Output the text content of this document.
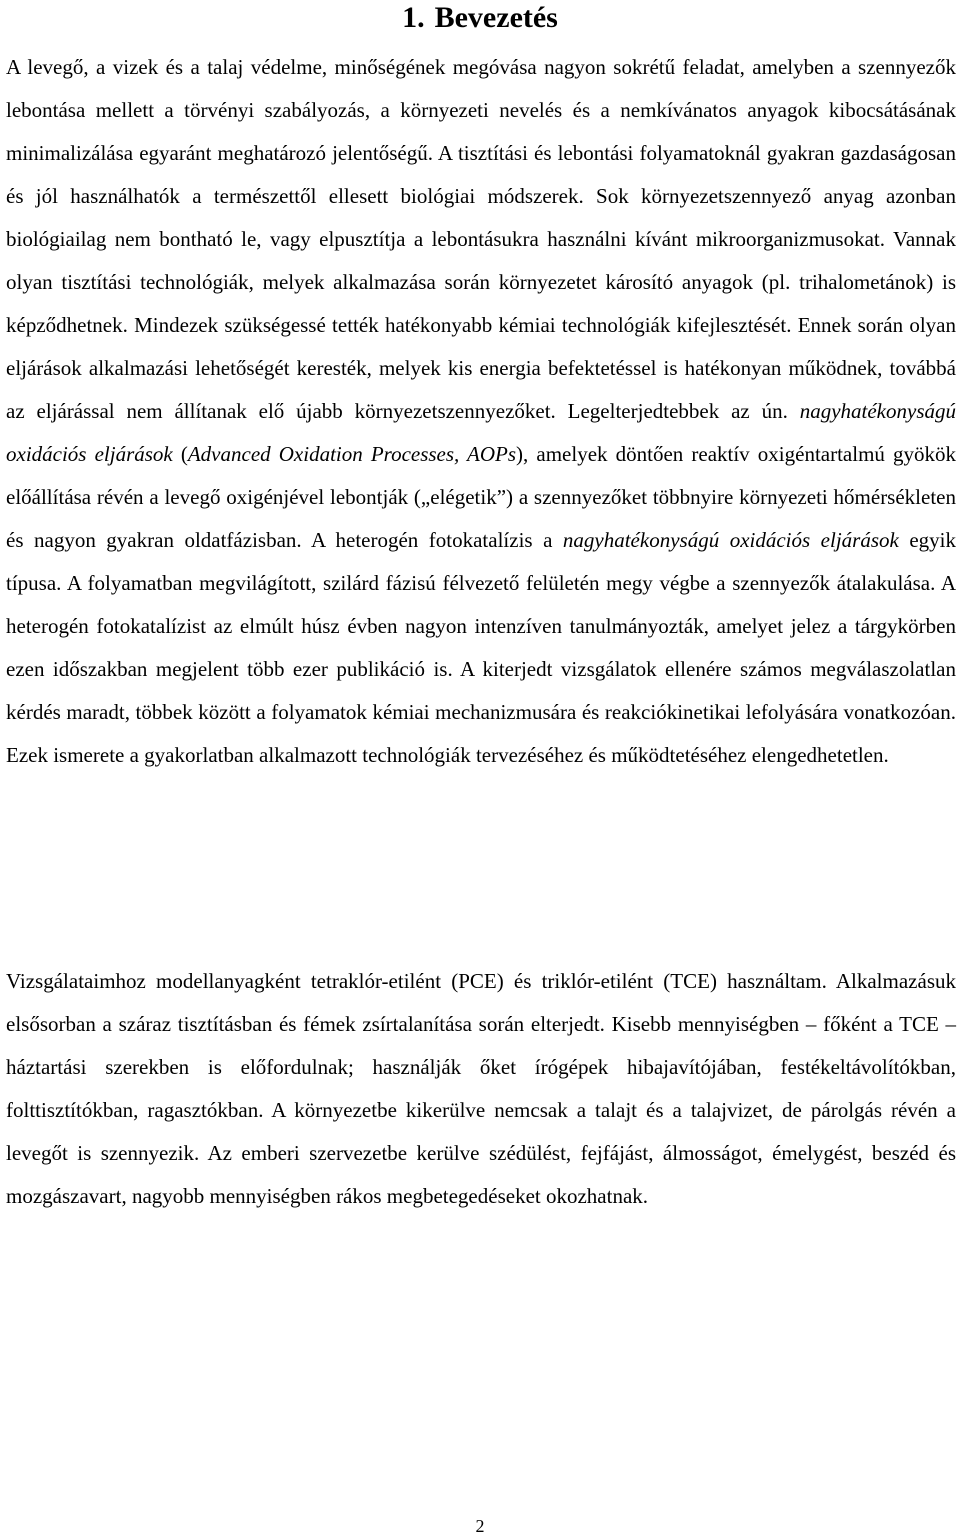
1. Bevezetés

A levegő, a vizek és a talaj védelme, minőségének megóvása nagyon sokrétű feladat, amelyben a szennyezők lebontása mellett a törvényi szabályozás, a környezeti nevelés és a nemkívánatos anyagok kibocsátásának minimalizálása egyaránt meghatározó jelentőségű. A tisztítási és lebontási folyamatoknál gyakran gazdaságosan és jól használhatók a természettől ellesett biológiai módszerek. Sok környezetszennyező anyag azonban biológiailag nem bontható le, vagy elpusztítja a lebontásukra használni kívánt mikroorganizmusokat. Vannak olyan tisztítási technológiák, melyek alkalmazása során környezetet károsító anyagok (pl. trihalometánok) is képződhetnek. Mindezek szükségessé tették hatékonyabb kémiai technológiák kifejlesztését. Ennek során olyan eljárások alkalmazási lehetőségét keresték, melyek kis energia befektetéssel is hatékonyan működnek, továbbá az eljárással nem állítanak elő újabb környezetszennyezőket. Legelterjedtebbek az ún. nagyhatékonyságú oxidációs eljárások (Advanced Oxidation Processes, AOPs), amelyek döntően reaktív oxigéntartalmú gyökök előállítása révén a levegő oxigénjével lebontják („elégetik”) a szennyezőket többnyire környezeti hőmérsékleten és nagyon gyakran oldatfázisban. A heterogén fotokatalízis a nagyhatékonyságú oxidációs eljárások egyik típusa. A folyamatban megvilágított, szilárd fázisú félvezető felületén megy végbe a szennyezők átalakulása. A heterogén fotokatalízist az elmúlt húsz évben nagyon intenzíven tanulmányozták, amelyet jelez a tárgykörben ezen időszakban megjelent több ezer publikáció is. A kiterjedt vizsgálatok ellenére számos megválaszolatlan kérdés maradt, többek között a folyamatok kémiai mechanizmusára és reakciókinetikai lefolyására vonatkozóan. Ezek ismerete a gyakorlatban alkalmazott technológiák tervezéséhez és működtetéséhez elengedhetetlen.

Vizsgálataimhoz modellanyagként tetraklór-etilént (PCE) és triklór-etilént (TCE) használtam. Alkalmazásuk elsősorban a száraz tisztításban és fémek zsírtalanítása során elterjedt. Kisebb mennyiségben – főként a TCE – háztartási szerekben is előfordulnak; használják őket írógépek hibajavítójában, festékeltávolítókban, folttisztítókban, ragasztókban. A környezetbe kikerülve nemcsak a talajt és a talajvizet, de párolgás révén a levegőt is szennyezik. Az emberi szervezetbe kerülve szédülést, fejfájást, álmosságot, émelygést, beszéd és mozgászavart, nagyobb mennyiségben rákos megbetegedéseket okozhatnak.

2
